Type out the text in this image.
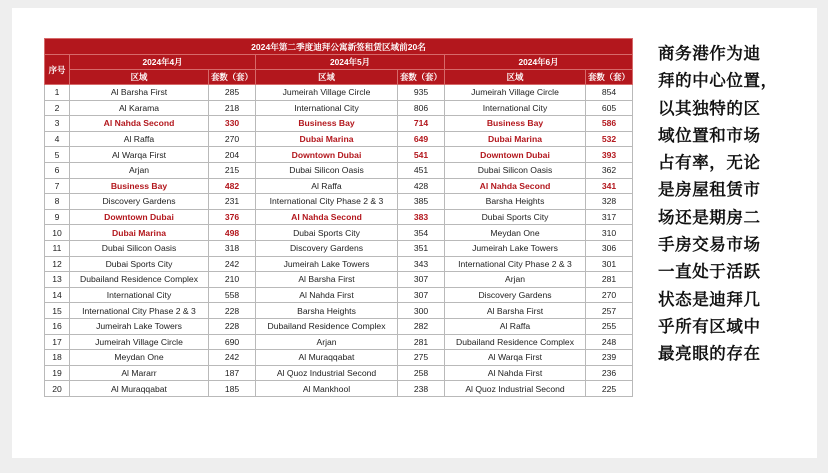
2024年第二季度迪拜公寓新签租赁区域前20名						
序号	2024年4月		2024年5月		2024年6月	
	区域	套数（套）	区域	套数（套）	区域	套数（套）
1	Al Barsha First	285	Jumeirah Village Circle	935	Jumeirah Village Circle	854
2	Al Karama	218	International City	806	International City	605
3	Al Nahda Second	330	Business Bay	714	Business Bay	586
4	Al Raffa	270	Dubai Marina	649	Dubai Marina	532
5	Al Warqa First	204	Downtown Dubai	541	Downtown Dubai	393
6	Arjan	215	Dubai Silicon Oasis	451	Dubai Silicon Oasis	362
7	Business Bay	482	Al Raffa	428	Al Nahda Second	341
8	Discovery Gardens	231	International City Phase 2 & 3	385	Barsha Heights	328
9	Downtown Dubai	376	Al Nahda Second	383	Dubai Sports City	317
10	Dubai Marina	498	Dubai Sports City	354	Meydan One	310
11	Dubai Silicon Oasis	318	Discovery Gardens	351	Jumeirah Lake Towers	306
12	Dubai Sports City	242	Jumeirah Lake Towers	343	International City Phase 2 & 3	301
13	Dubailand Residence Complex	210	Al Barsha First	307	Arjan	281
14	International City	558	Al Nahda First	307	Discovery Gardens	270
15	International City Phase 2 & 3	228	Barsha Heights	300	Al Barsha First	257
16	Jumeirah Lake Towers	228	Dubailand Residence Complex	282	Al Raffa	255
17	Jumeirah Village Circle	690	Arjan	281	Dubailand Residence Complex	248
18	Meydan One	242	Al Muraqqabat	275	Al Warqa First	239
19	Al Mararr	187	Al Quoz Industrial Second	258	Al Nahda First	236
20	Al Muraqqabat	185	Al Mankhool	238	Al Quoz Industrial Second	225
商务港作为迪
拜的中心位置，
以其独特的区
域位置和市场
占有率，无论
是房屋租赁市
场还是期房二
手房交易市场
一直处于活跃
状态是迪拜几
乎所有区域中
最亮眼的存在
